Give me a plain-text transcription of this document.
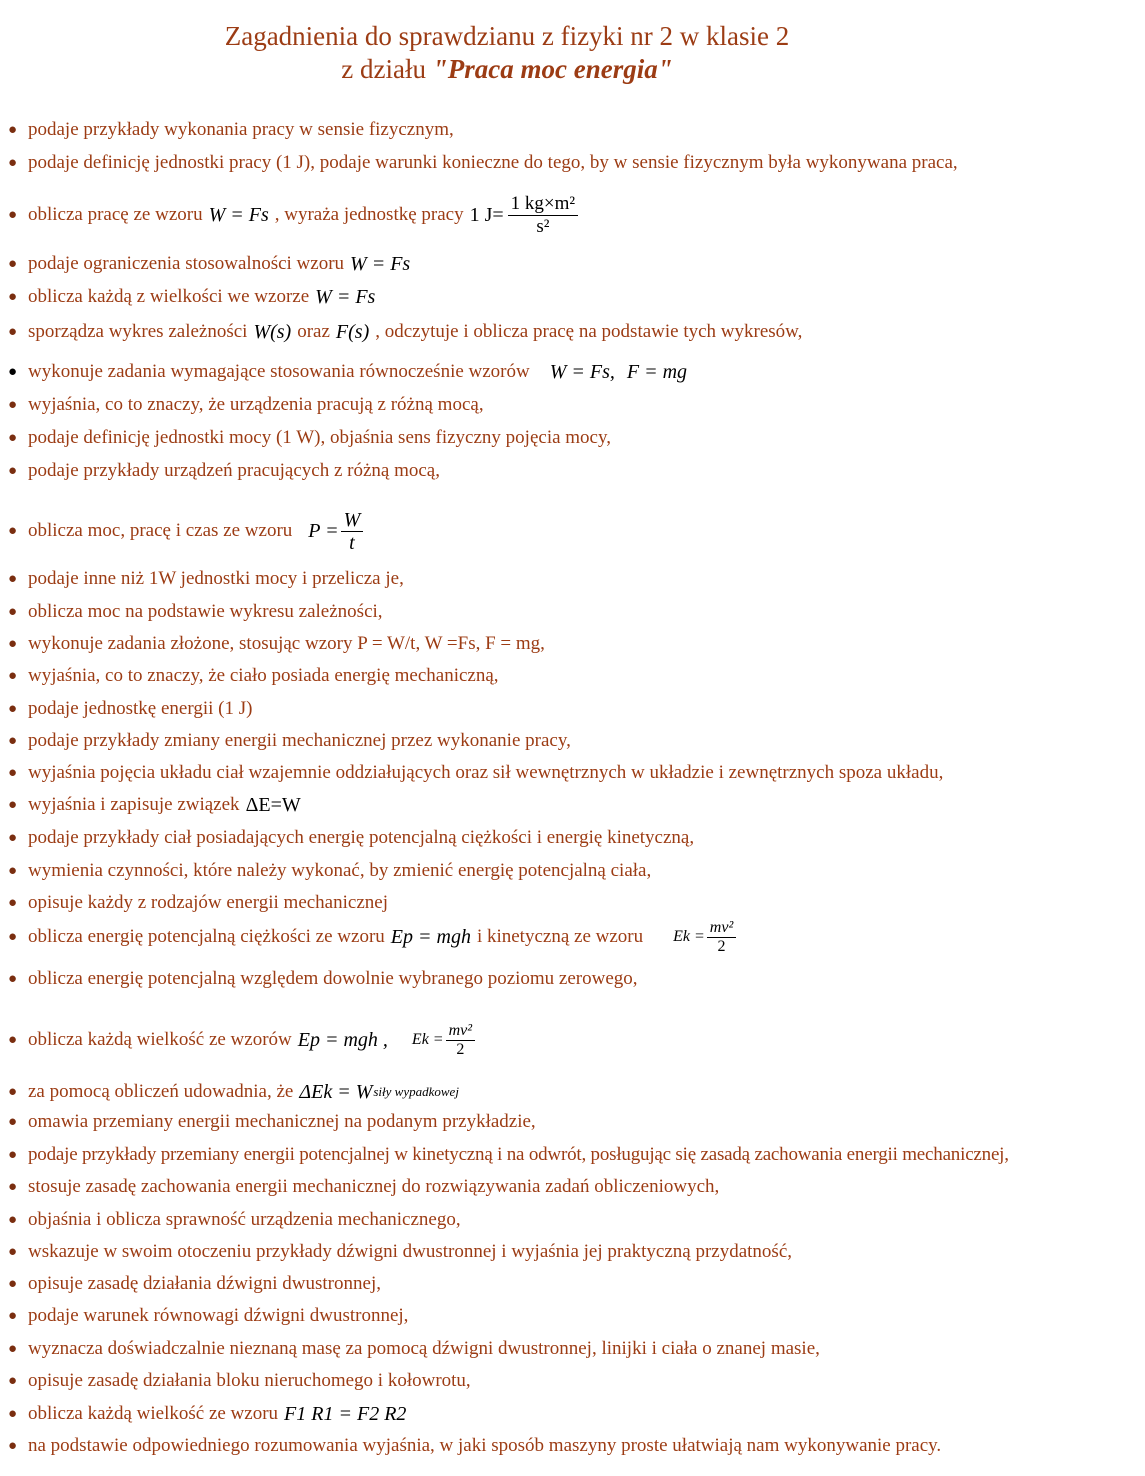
Zagadnienia do sprawdzianu z fizyki nr 2 w klasie 2
z działu "Praca moc energia"
● podaje przykłady wykonania pracy w sensie fizycznym,
● podaje definicję jednostki pracy (1 J), podaje warunki konieczne do tego, by w sensie fizycznym była wykonywana praca,
● oblicza pracę ze wzoru W = Fs , wyraża jednostkę pracy 1 $J= \frac{\text{1 kg×m²}}{\text{s²}}$
● podaje ograniczenia stosowalności wzoru W = Fs
● oblicza każdą z wielkości we wzorze W = Fs
● sporządza wykres zależności W(s) oraz F(s) , odczytuje i oblicza pracę na podstawie tych wykresów,
● wykonuje zadania wymagające stosowania równocześnie wzorów W = Fs, F = mg
● wyjaśnia, co to znaczy, że urządzenia pracują z różną mocą,
● podaje definicję jednostki mocy (1 W), objaśnia sens fizyczny pojęcia mocy,
● podaje przykłady urządzeń pracujących z różną mocą,
● oblicza moc, pracę i czas ze wzoru $P = \frac{W}{t}$
● podaje inne niż 1W jednostki mocy i przelicza je,
● oblicza moc na podstawie wykresu zależności,
● wykonuje zadania złożone, stosując wzory P = W/t, W =Fs, F = mg,
● wyjaśnia, co to znaczy, że ciało posiada energię mechaniczną,
● podaje jednostkę energii (1 J)
● podaje przykłady zmiany energii mechanicznej przez wykonanie pracy,
● wyjaśnia pojęcia układu ciał wzajemnie oddziałujących oraz sił wewnętrznych w układzie i zewnętrznych spoza układu,
● wyjaśnia i zapisuje związek ΔE=W
● podaje przykłady ciał posiadających energię potencjalną ciężkości i energię kinetyczną,
● wymienia czynności, które należy wykonać, by zmienić energię potencjalną ciała,
● opisuje każdy z rodzajów energii mechanicznej
● oblicza energię potencjalną ciężkości ze wzoru Ep = mgh i kinetyczną ze wzoru $Ek = \frac{\text{mv²}}{2}$
● oblicza energię potencjalną względem dowolnie wybranego poziomu zerowego,
● oblicza każdą wielkość ze wzorów Ep = mgh , $Ek = \frac{\text{mv²}}{2}$
● za pomocą obliczeń udowadnia, że ΔEk = W siły wypadkowej
● omawia przemiany energii mechanicznej na podanym przykładzie,
● podaje przykłady przemiany energii potencjalnej w kinetyczną i na odwrót, posługując się zasadą zachowania energii mechanicznej,
● stosuje zasadę zachowania energii mechanicznej do rozwiązywania zadań obliczeniowych,
● objaśnia i oblicza sprawność urządzenia mechanicznego,
● wskazuje w swoim otoczeniu przykłady dźwigni dwustronnej i wyjaśnia jej praktyczną przydatność,
● opisuje zasadę działania dźwigni dwustronnej,
● podaje warunek równowagi dźwigni dwustronnej,
● wyznacza doświadczalnie nieznaną masę za pomocą dźwigni dwustronnej, linijki i ciała o znanej masie,
● opisuje zasadę działania bloku nieruchomego i kołowrotu,
● oblicza każdą wielkość ze wzoru F1 R1 = F2 R2
● na podstawie odpowiedniego rozumowania wyjaśnia, w jaki sposób maszyny proste ułatwiają nam wykonywanie pracy.
